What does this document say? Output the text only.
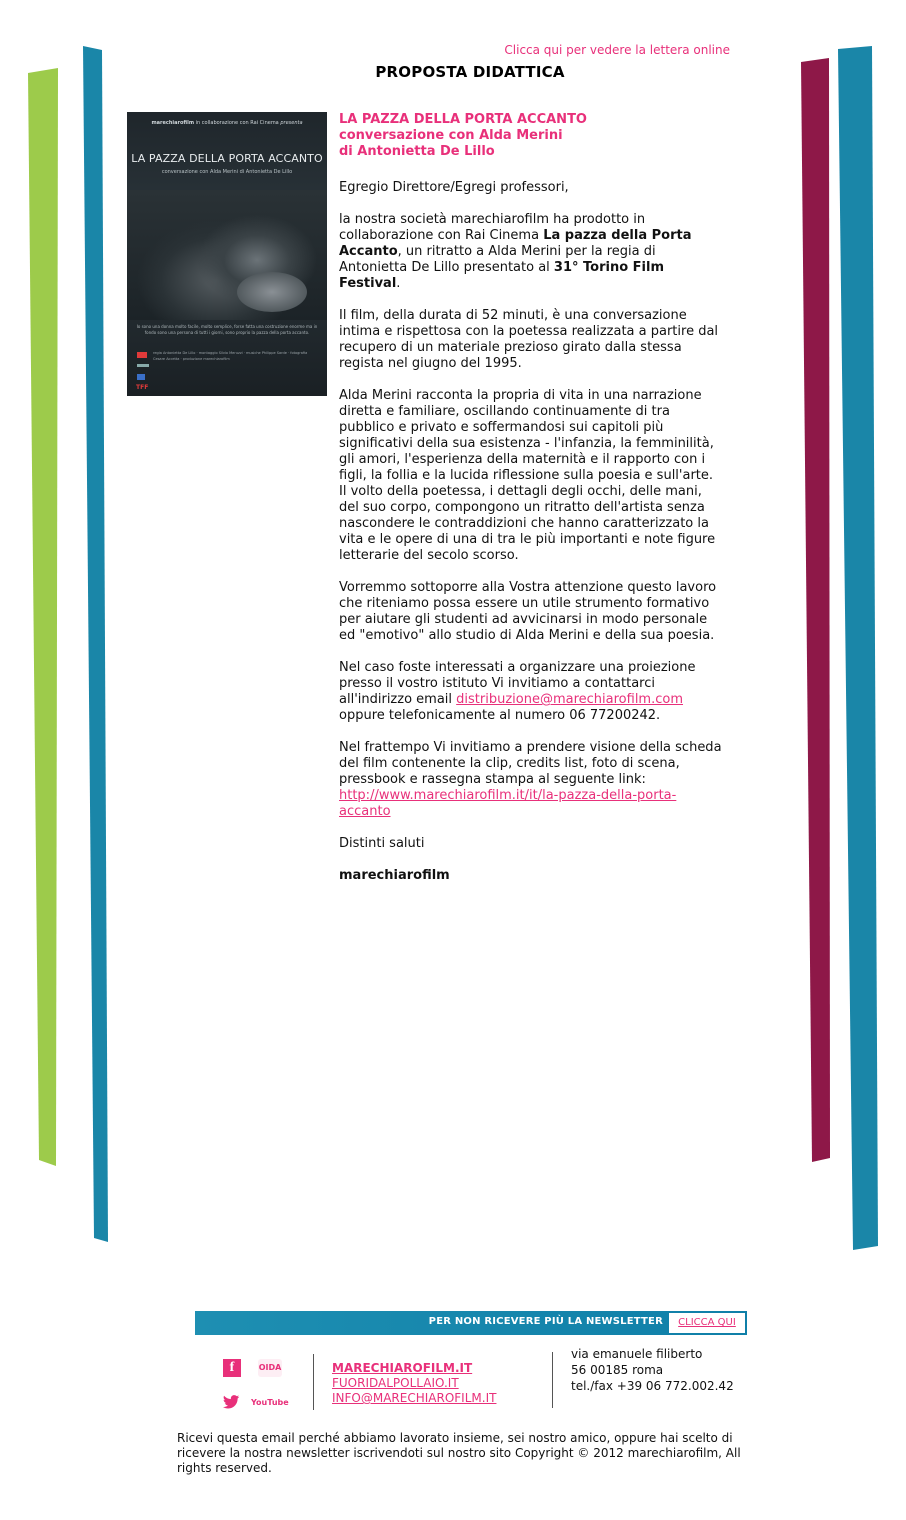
Clicca qui per vedere la lettera online
PROPOSTA DIDATTICA
marechiarofilm in collaborazione con Rai Cinema presenta
LA PAZZA DELLA PORTA ACCANTO
conversazione con Alda Merini di Antonietta De Lillo
Io sono una donna molto facile, molto semplice, forse fatta una costruzione enorme ma in fondo sono una persona di tutti i giorni, sono proprio la pazza della porta accanto.
TFF
regia Antonietta De Lillo · montaggio Silvio Meruzzi · musiche Philippe Sarde · fotografia Cesare Accetta · produzione marechiarofilm
LA PAZZA DELLA PORTA ACCANTO
conversazione con Alda Merini
di Antonietta De Lillo

Egregio Direttore/Egregi professori,

la nostra società marechiarofilm ha prodotto in collaborazione con Rai Cinema La pazza della Porta Accanto, un ritratto a Alda Merini per la regia di Antonietta De Lillo presentato al 31° Torino Film Festival.

Il film, della durata di 52 minuti, è una conversazione intima e rispettosa con la poetessa realizzata a partire dal recupero di un materiale prezioso girato dalla stessa regista nel giugno del 1995.

Alda Merini racconta la propria di vita in una narrazione diretta e familiare, oscillando continuamente di tra pubblico e privato e soffermandosi sui capitoli più significativi della sua esistenza - l'infanzia, la femminilità, gli amori, l'esperienza della maternità e il rapporto con i figli, la follia e la lucida riflessione sulla poesia e sull'arte.
Il volto della poetessa, i dettagli degli occhi, delle mani, del suo corpo, compongono un ritratto dell'artista senza nascondere le contraddizioni che hanno caratterizzato la vita e le opere di una di tra le più importanti e note figure letterarie del secolo scorso.

Vorremmo sottoporre alla Vostra attenzione questo lavoro che riteniamo possa essere un utile strumento formativo per aiutare gli studenti ad avvicinarsi in modo personale ed "emotivo" allo studio di Alda Merini e della sua poesia.

Nel caso foste interessati a organizzare una proiezione presso il vostro istituto Vi invitiamo a contattarci all'indirizzo email distribuzione@marechiarofilm.com oppure telefonicamente al numero 06 77200242.

Nel frattempo Vi invitiamo a prendere visione della scheda del film contenente la clip, credits list, foto di scena, pressbook e rassegna stampa al seguente link:
http://www.marechiarofilm.it/it/la-pazza-della-porta-accanto

Distinti saluti

marechiarofilm

PER NON RICEVERE PIÙ LA NEWSLETTER	CLICCA QUI
f	OIDA
YouTube
MARECHIAROFILM.IT
FUORIDALPOLLAIO.IT
INFO@MARECHIAROFILM.IT
via emanuele filiberto
56 00185 roma
tel./fax +39 06 772.002.42
Ricevi questa email perché abbiamo lavorato insieme, sei nostro amico, oppure hai scelto di ricevere la nostra newsletter iscrivendoti sul nostro sito Copyright © 2012 marechiarofilm, All rights reserved.
